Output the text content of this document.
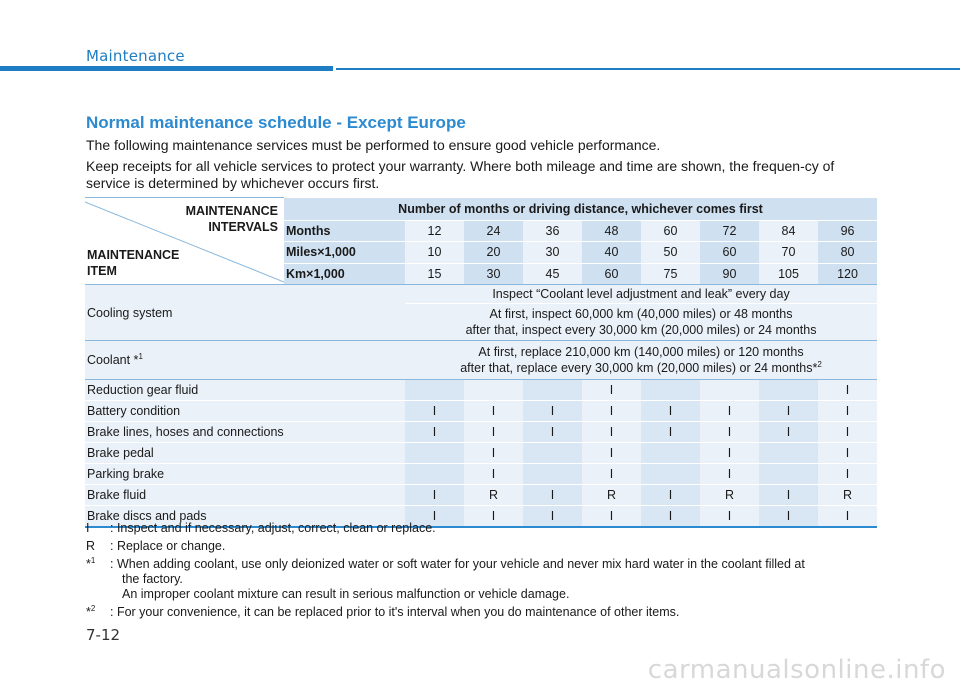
Maintenance
Normal maintenance schedule - Except Europe
The following maintenance services must be performed to ensure good vehicle performance.
Keep receipts for all vehicle services to protect your warranty. Where both mileage and time are shown, the frequen-cy of service is determined by whichever occurs first.
MAINTENANCE
INTERVALS
MAINTENANCE
ITEM	Number of months or driving distance, whichever comes first								
	Months	12	24	36	48	60	72	84	96
	Miles×1,000	10	20	30	40	50	60	70	80
	Km×1,000	15	30	45	60	75	90	105	120
Cooling system		Inspect “Coolant level adjustment and leak” every day							

		At first, inspect 60,000 km (40,000 miles) or 48 months
after that, inspect every 30,000 km (20,000 miles) or 24 months							

Coolant *$^1$		At first, replace 210,000 km (140,000 miles) or 120 months
after that, replace every 30,000 km (20,000 miles) or 24 months*$^2$

Reduction gear fluid					I				I
Battery condition		I	I	I	I	I	I	I	I
Brake lines, hoses and connections		I	I	I	I	I	I	I	I
Brake pedal			I		I		I		I
Parking brake			I		I		I		I
Brake fluid		I	R	I	R	I	R	I	R
Brake discs and pads		I	I	I	I	I	I	I	I
I : Inspect and if necessary, adjust, correct, clean or replace.
R : Replace or change.
*$^1$ : When adding coolant, use only deionized water or soft water for your vehicle and never mix hard water in the coolant filled at
the factory.
An improper coolant mixture can result in serious malfunction or vehicle damage.
*$^2$ : For your convenience, it can be replaced prior to it's interval when you do maintenance of other items.
7-12
carmanualsonline.info
